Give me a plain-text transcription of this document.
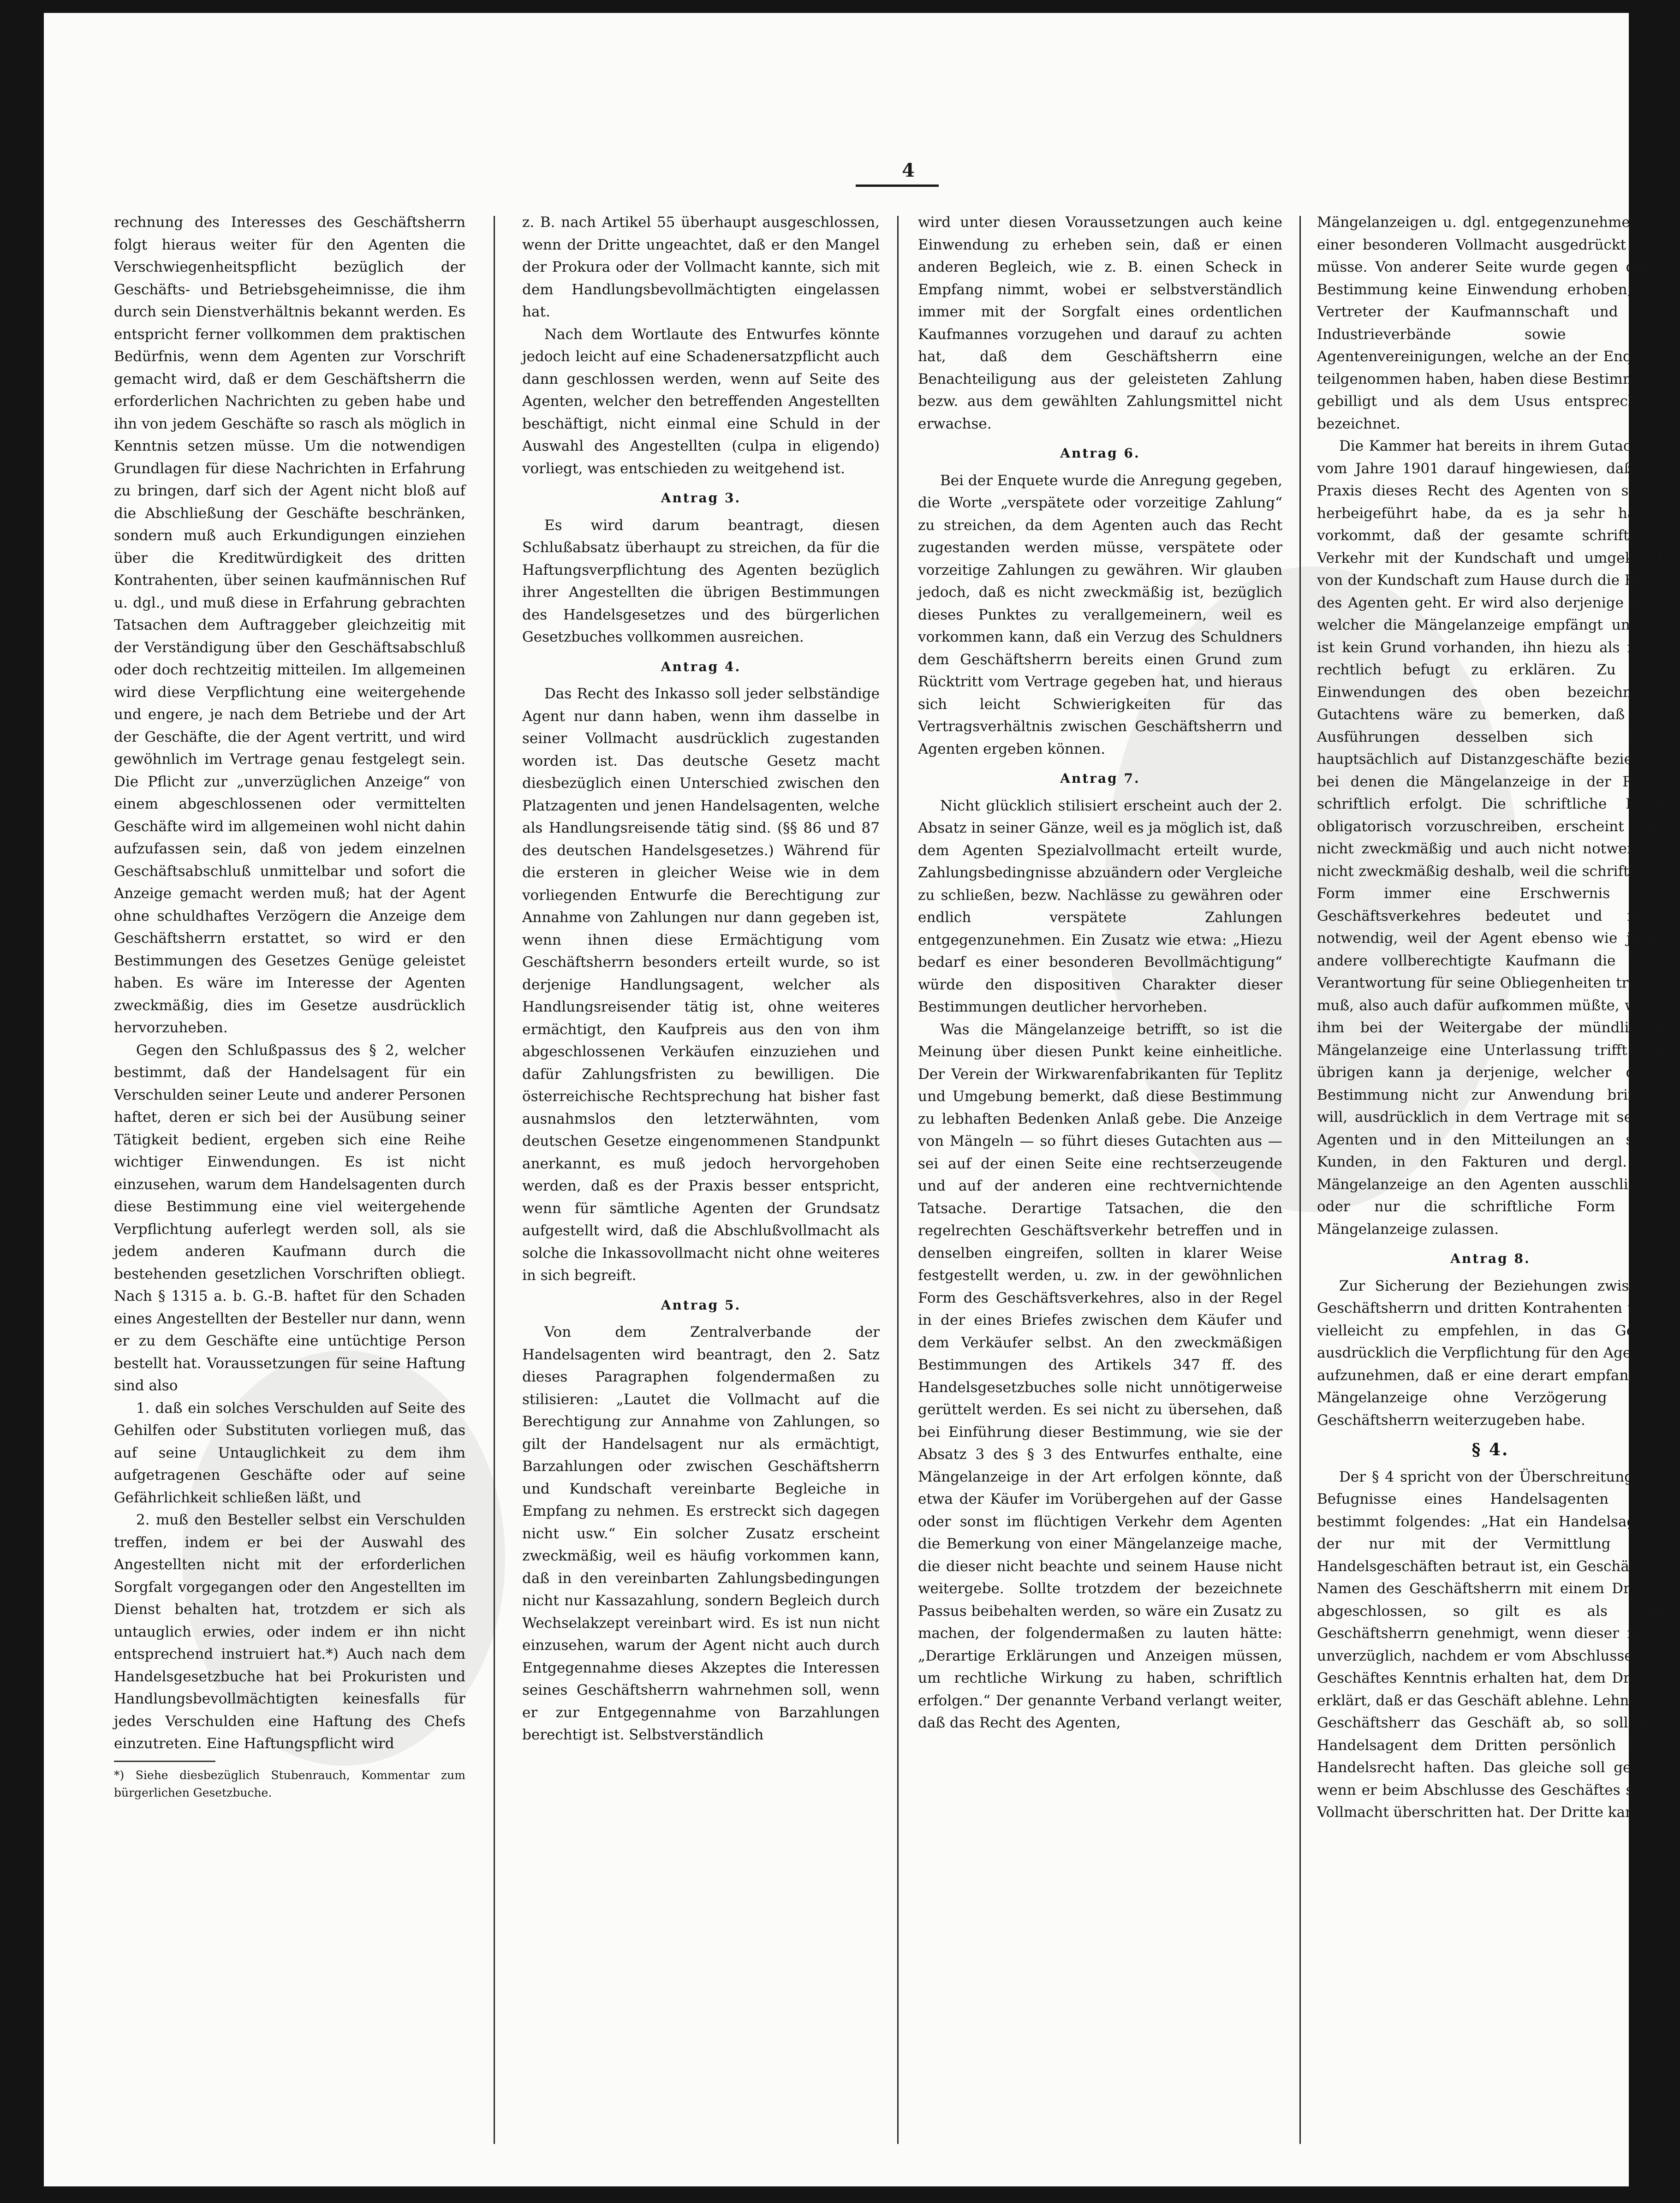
4

rechnung des Interesses des Geschäftsherrn folgt hieraus weiter für den Agenten die Verschwiegenheitspflicht bezüglich der Geschäfts- und Betriebsgeheimnisse, die ihm durch sein Dienstverhältnis bekannt werden. Es entspricht ferner vollkommen dem praktischen Bedürfnis, wenn dem Agenten zur Vorschrift gemacht wird, daß er dem Geschäftsherrn die erforderlichen Nachrichten zu geben habe und ihn von jedem Geschäfte so rasch als möglich in Kenntnis setzen müsse. Um die notwendigen Grundlagen für diese Nachrichten in Erfahrung zu bringen, darf sich der Agent nicht bloß auf die Abschließung der Geschäfte beschränken, sondern muß auch Erkundigungen einziehen über die Kreditwürdigkeit des dritten Kontrahenten, über seinen kaufmännischen Ruf u. dgl., und muß diese in Erfahrung gebrachten Tatsachen dem Auftraggeber gleichzeitig mit der Verständigung über den Geschäftsabschluß oder doch rechtzeitig mitteilen. Im allgemeinen wird diese Verpflichtung eine weitergehende und engere, je nach dem Betriebe und der Art der Geschäfte, die der Agent vertritt, und wird gewöhnlich im Vertrage genau festgelegt sein. Die Pflicht zur „unverzüglichen Anzeige“ von einem abgeschlossenen oder vermittelten Geschäfte wird im allgemeinen wohl nicht dahin aufzufassen sein, daß von jedem einzelnen Geschäftsabschluß unmittelbar und sofort die Anzeige gemacht werden muß; hat der Agent ohne schuldhaftes Verzögern die Anzeige dem Geschäftsherrn erstattet, so wird er den Bestimmungen des Gesetzes Genüge geleistet haben. Es wäre im Interesse der Agenten zweckmäßig, dies im Gesetze ausdrücklich hervorzuheben.

Gegen den Schlußpassus des § 2, welcher bestimmt, daß der Handelsagent für ein Verschulden seiner Leute und anderer Personen haftet, deren er sich bei der Ausübung seiner Tätigkeit bedient, ergeben sich eine Reihe wichtiger Einwendungen. Es ist nicht einzusehen, warum dem Handelsagenten durch diese Bestimmung eine viel weitergehende Verpflichtung auferlegt werden soll, als sie jedem anderen Kaufmann durch die bestehenden gesetzlichen Vorschriften obliegt. Nach § 1315 a. b. G.-B. haftet für den Schaden eines Angestellten der Besteller nur dann, wenn er zu dem Geschäfte eine untüchtige Person bestellt hat. Voraussetzungen für seine Haftung sind also

1. daß ein solches Verschulden auf Seite des Gehilfen oder Substituten vorliegen muß, das auf seine Untauglichkeit zu dem ihm aufgetragenen Geschäfte oder auf seine Gefährlichkeit schließen läßt, und

2. muß den Besteller selbst ein Verschulden treffen, indem er bei der Auswahl des Angestellten nicht mit der erforderlichen Sorgfalt vorgegangen oder den Angestellten im Dienst behalten hat, trotzdem er sich als untauglich erwies, oder indem er ihn nicht entsprechend instruiert hat.*) Auch nach dem Handelsgesetzbuche hat bei Prokuristen und Handlungsbevollmächtigten keinesfalls für jedes Verschulden eine Haftung des Chefs einzutreten. Eine Haftungspflicht wird

*) Siehe diesbezüglich Stubenrauch, Kommentar zum bürgerlichen Gesetzbuche.

z. B. nach Artikel 55 überhaupt ausgeschlossen, wenn der Dritte ungeachtet, daß er den Mangel der Prokura oder der Vollmacht kannte, sich mit dem Handlungsbevollmächtigten eingelassen hat.

Nach dem Wortlaute des Entwurfes könnte jedoch leicht auf eine Schadenersatzpflicht auch dann geschlossen werden, wenn auf Seite des Agenten, welcher den betreffenden Angestellten beschäftigt, nicht einmal eine Schuld in der Auswahl des Angestellten (culpa in eligendo) vorliegt, was entschieden zu weitgehend ist.

Antrag 3.

Es wird darum beantragt, diesen Schlußabsatz überhaupt zu streichen, da für die Haftungsverpflichtung des Agenten bezüglich ihrer Angestellten die übrigen Bestimmungen des Handelsgesetzes und des bürgerlichen Gesetzbuches vollkommen ausreichen.

Antrag 4.

Das Recht des Inkasso soll jeder selbständige Agent nur dann haben, wenn ihm dasselbe in seiner Vollmacht ausdrücklich zugestanden worden ist. Das deutsche Gesetz macht diesbezüglich einen Unterschied zwischen den Platzagenten und jenen Handelsagenten, welche als Handlungsreisende tätig sind. (§§ 86 und 87 des deutschen Handelsgesetzes.) Während für die ersteren in gleicher Weise wie in dem vorliegenden Entwurfe die Berechtigung zur Annahme von Zahlungen nur dann gegeben ist, wenn ihnen diese Ermächtigung vom Geschäftsherrn besonders erteilt wurde, so ist derjenige Handlungsagent, welcher als Handlungsreisender tätig ist, ohne weiteres ermächtigt, den Kaufpreis aus den von ihm abgeschlossenen Verkäufen einzuziehen und dafür Zahlungsfristen zu bewilligen. Die österreichische Rechtsprechung hat bisher fast ausnahmslos den letzterwähnten, vom deutschen Gesetze eingenommenen Standpunkt anerkannt, es muß jedoch hervorgehoben werden, daß es der Praxis besser entspricht, wenn für sämtliche Agenten der Grundsatz aufgestellt wird, daß die Abschlußvollmacht als solche die Inkassovollmacht nicht ohne weiteres in sich begreift.

Antrag 5.

Von dem Zentralverbande der Handelsagenten wird beantragt, den 2. Satz dieses Paragraphen folgendermaßen zu stilisieren: „Lautet die Vollmacht auf die Berechtigung zur Annahme von Zahlungen, so gilt der Handelsagent nur als ermächtigt, Barzahlungen oder zwischen Geschäftsherrn und Kundschaft vereinbarte Begleiche in Empfang zu nehmen. Es erstreckt sich dagegen nicht usw.“ Ein solcher Zusatz erscheint zweckmäßig, weil es häufig vorkommen kann, daß in den vereinbarten Zahlungsbedingungen nicht nur Kassazahlung, sondern Begleich durch Wechselakzept vereinbart wird. Es ist nun nicht einzusehen, warum der Agent nicht auch durch Entgegennahme dieses Akzeptes die Interessen seines Geschäftsherrn wahrnehmen soll, wenn er zur Entgegennahme von Barzahlungen berechtigt ist. Selbstverständlich

wird unter diesen Voraussetzungen auch keine Einwendung zu erheben sein, daß er einen anderen Begleich, wie z. B. einen Scheck in Empfang nimmt, wobei er selbstverständlich immer mit der Sorgfalt eines ordentlichen Kaufmannes vorzugehen und darauf zu achten hat, daß dem Geschäftsherrn eine Benachteiligung aus der geleisteten Zahlung bezw. aus dem gewählten Zahlungsmittel nicht erwachse.

Antrag 6.

Bei der Enquete wurde die Anregung gegeben, die Worte „verspätete oder vorzeitige Zahlung“ zu streichen, da dem Agenten auch das Recht zugestanden werden müsse, verspätete oder vorzeitige Zahlungen zu gewähren. Wir glauben jedoch, daß es nicht zweckmäßig ist, bezüglich dieses Punktes zu verallgemeinern, weil es vorkommen kann, daß ein Verzug des Schuldners dem Geschäftsherrn bereits einen Grund zum Rücktritt vom Vertrage gegeben hat, und hieraus sich leicht Schwierigkeiten für das Vertragsverhältnis zwischen Geschäftsherrn und Agenten ergeben können.

Antrag 7.

Nicht glücklich stilisiert erscheint auch der 2. Absatz in seiner Gänze, weil es ja möglich ist, daß dem Agenten Spezialvollmacht erteilt wurde, Zahlungsbedingnisse abzuändern oder Vergleiche zu schließen, bezw. Nachlässe zu gewähren oder endlich verspätete Zahlungen entgegenzunehmen. Ein Zusatz wie etwa: „Hiezu bedarf es einer besonderen Bevollmächtigung“ würde den dispositiven Charakter dieser Bestimmungen deutlicher hervorheben.

Was die Mängelanzeige betrifft, so ist die Meinung über diesen Punkt keine einheitliche. Der Verein der Wirkwarenfabrikanten für Teplitz und Umgebung bemerkt, daß diese Bestimmung zu lebhaften Bedenken Anlaß gebe. Die Anzeige von Mängeln — so führt dieses Gutachten aus — sei auf der einen Seite eine rechtserzeugende und auf der anderen eine rechtvernichtende Tatsache. Derartige Tatsachen, die den regelrechten Geschäftsverkehr betreffen und in denselben eingreifen, sollten in klarer Weise festgestellt werden, u. zw. in der gewöhnlichen Form des Geschäftsverkehres, also in der Regel in der eines Briefes zwischen dem Käufer und dem Verkäufer selbst. An den zweckmäßigen Bestimmungen des Artikels 347 ff. des Handelsgesetzbuches solle nicht unnötigerweise gerüttelt werden. Es sei nicht zu übersehen, daß bei Einführung dieser Bestimmung, wie sie der Absatz 3 des § 3 des Entwurfes enthalte, eine Mängelanzeige in der Art erfolgen könnte, daß etwa der Käufer im Vorübergehen auf der Gasse oder sonst im flüchtigen Verkehr dem Agenten die Bemerkung von einer Mängelanzeige mache, die dieser nicht beachte und seinem Hause nicht weitergebe. Sollte trotzdem der bezeichnete Passus beibehalten werden, so wäre ein Zusatz zu machen, der folgendermaßen zu lauten hätte: „Derartige Erklärungen und Anzeigen müssen, um rechtliche Wirkung zu haben, schriftlich erfolgen.“ Der genannte Verband verlangt weiter, daß das Recht des Agenten,

Mängelanzeigen u. dgl. entgegenzunehmen, in einer besonderen Vollmacht ausgedrückt sein müsse. Von anderer Seite wurde gegen diese Bestimmung keine Einwendung erhoben; die Vertreter der Kaufmannschaft und der Industrieverbände sowie der Agentenvereinigungen, welche an der Enquete teilgenommen haben, haben diese Bestimmung gebilligt und als dem Usus entsprechend bezeichnet.

Die Kammer hat bereits in ihrem Gutachten vom Jahre 1901 darauf hingewiesen, daß die Praxis dieses Recht des Agenten von selbst herbeigeführt habe, da es ja sehr häufig vorkommt, daß der gesamte schriftliche Verkehr mit der Kundschaft und umgekehrt von der Kundschaft zum Hause durch die Hand des Agenten geht. Er wird also derjenige sein, welcher die Mängelanzeige empfängt und es ist kein Grund vorhanden, ihn hiezu als nicht rechtlich befugt zu erklären. Zu den Einwendungen des oben bezeichneten Gutachtens wäre zu bemerken, daß die Ausführungen desselben sich wohl hauptsächlich auf Distanzgeschäfte beziehen, bei denen die Mängelanzeige in der Regel schriftlich erfolgt. Die schriftliche Form obligatorisch vorzuschreiben, erscheint uns nicht zweckmäßig und auch nicht notwendig; nicht zweckmäßig deshalb, weil die schriftliche Form immer eine Erschwernis des Geschäftsverkehres bedeutet und nicht notwendig, weil der Agent ebenso wie jeder andere vollberechtigte Kaufmann die volle Verantwortung für seine Obliegenheiten tragen muß, also auch dafür aufkommen müßte, wenn ihm bei der Weitergabe der mündlichen Mängelanzeige eine Unterlassung trifft. Im übrigen kann ja derjenige, welcher diese Bestimmung nicht zur Anwendung bringen will, ausdrücklich in dem Vertrage mit seinen Agenten und in den Mitteilungen an seine Kunden, in den Fakturen und dergl. die Mängelanzeige an den Agenten ausschließen oder nur die schriftliche Form der Mängelanzeige zulassen.

Antrag 8.

Zur Sicherung der Beziehungen zwischen Geschäftsherrn und dritten Kontrahenten wäre vielleicht zu empfehlen, in das Gesetz ausdrücklich die Verpflichtung für den Agenten aufzunehmen, daß er eine derart empfangene Mängelanzeige ohne Verzögerung dem Geschäftsherrn weiterzugeben habe.

§ 4.

Der § 4 spricht von der Überschreitung der Befugnisse eines Handelsagenten und bestimmt folgendes: „Hat ein Handelsagent, der nur mit der Vermittlung von Handelsgeschäften betraut ist, ein Geschäft im Namen des Geschäftsherrn mit einem Dritten abgeschlossen, so gilt es als vom Geschäftsherrn genehmigt, wenn dieser nicht unverzüglich, nachdem er vom Abschlusse des Geschäftes Kenntnis erhalten hat, dem Dritten erklärt, daß er das Geschäft ablehne. Lehnt der Geschäftsherr das Geschäft ab, so soll der Handelsagent dem Dritten persönlich nach Handelsrecht haften. Das gleiche soll gelten, wenn er beim Abschlusse des Geschäftes seine Vollmacht überschritten hat. Der Dritte kann
